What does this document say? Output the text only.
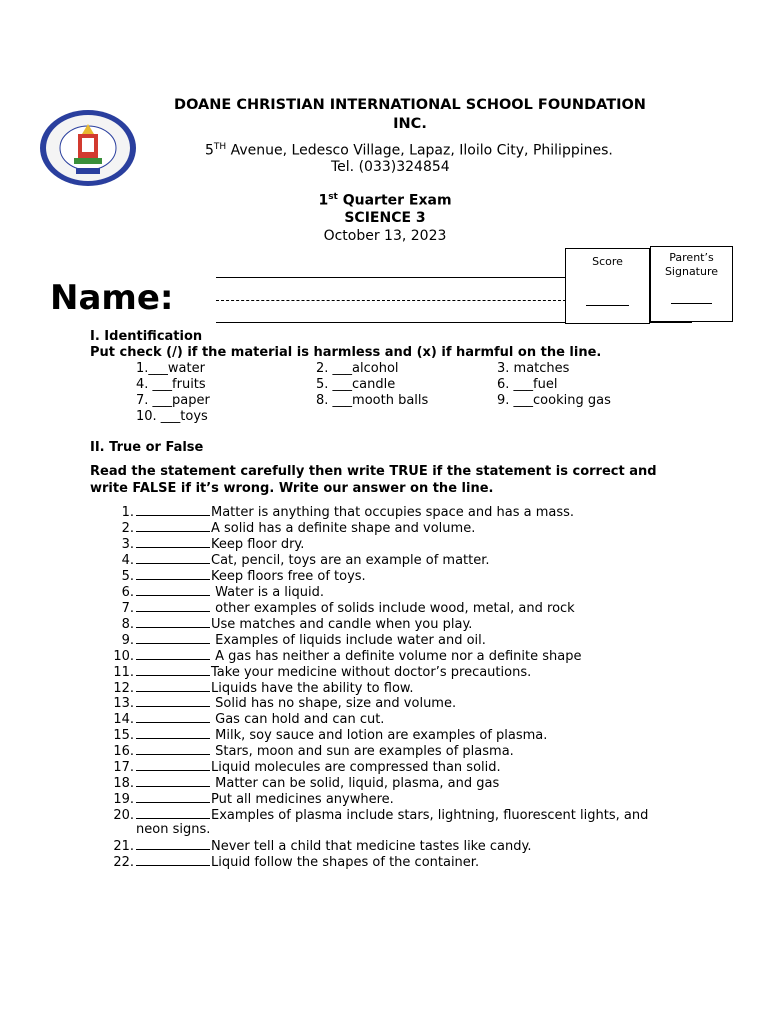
DOANE CHRISTIAN INTERNATIONAL SCHOOL FOUNDATION
INC.
5TH Avenue, Ledesco Village, Lapaz, Iloilo City, Philippines.
Tel. (033)324854
1st Quarter Exam
SCIENCE 3
October 13, 2023
Name:
Score	Parent’s
Signature
I. Identification
Put check (/) if the material is harmless and (x) if harmful on the line.
1.___water	2. ___alcohol	3. matches
4. ___fruits	5. ___candle	6. ___fuel
7. ___paper	8. ___mooth balls	9. ___cooking gas
10. ___toys
II. True or False
Read the statement carefully then write TRUE if the statement is correct and
write FALSE if it’s wrong. Write our answer on the line.
1.	Matter is anything that occupies space and has a mass.
2.	A solid has a definite shape and volume.
3.	Keep floor dry.
4.	Cat, pencil, toys are an example of matter.
5.	Keep floors free of toys.
6.	Water is a liquid.
7.	other examples of solids include wood, metal, and rock
8.	Use matches and candle when you play.
9.	Examples of liquids include water and oil.
10.	A gas has neither a definite volume nor a definite shape
11.	Take your medicine without doctor’s precautions.
12.	Liquids have the ability to flow.
13.	Solid has no shape, size and volume.
14.	Gas can hold and can cut.
15.	Milk, soy sauce and lotion are examples of plasma.
16.	Stars, moon and sun are examples of plasma.
17.	Liquid molecules are compressed than solid.
18.	Matter can be solid, liquid, plasma, and gas
19.	Put all medicines anywhere.
20.	Examples of plasma include stars, lightning, fluorescent lights, and
21.	Never tell a child that medicine tastes like candy.
22.	Liquid follow the shapes of the container.
neon signs.
